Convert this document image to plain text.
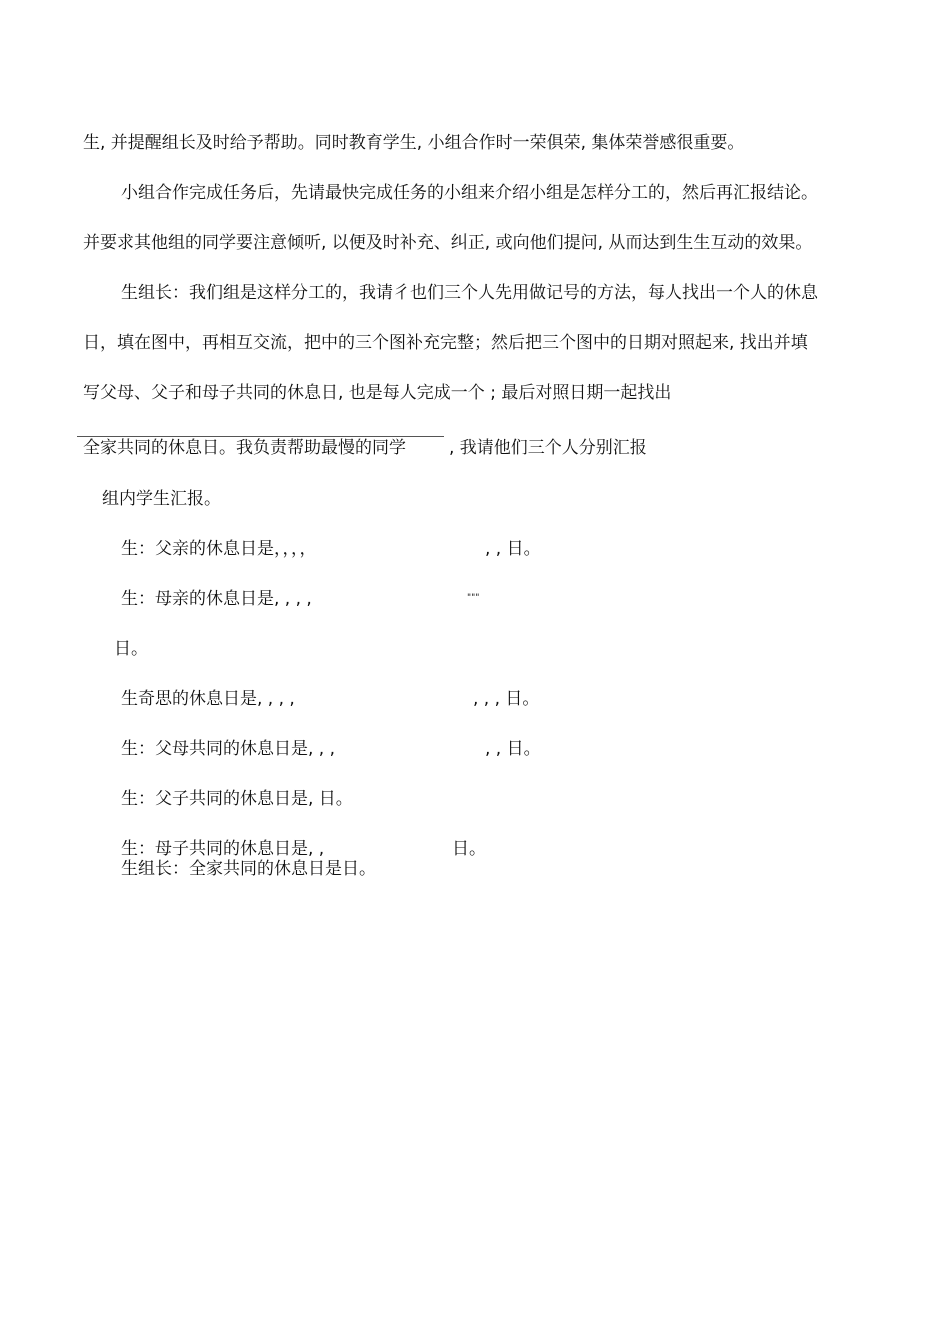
生, 并提醒组长及时给予帮助。同时教育学生, 小组合作时一荣俱荣, 集体荣誉感很重要。

小组合作完成任务后，先请最快完成任务的小组来介绍小组是怎样分工的，然后再汇报结论。

并要求其他组的同学要注意倾听, 以便及时补充、纠正, 或向他们提问, 从而达到生生互动的效果。

生组长：我们组是这样分工的，我请彳也们三个人先用做记号的方法，每人找出一个人的休息

日，填在图中，再相互交流，把中的三个图补充完整；然后把三个图中的日期对照起来, 找出并填

写父母、父子和母子共同的休息日, 也是每人完成一个 ; 最后对照日期一起找出

全家共同的休息日。我负责帮助最慢的同学	, 我请他们三个人分别汇报

组内学生汇报。

生：父亲的休息日是，，，，	, , 日。
生：母亲的休息日是, , , ,	"""

日。

生奇思的休息日是, , , ,	, , , 日。
生：父母共同的休息日是, , ,	, , 日。

生：父子共同的休息日是, 日。

生：母子共同的休息日是, ,	日。

生组长：全家共同的休息日是日。
